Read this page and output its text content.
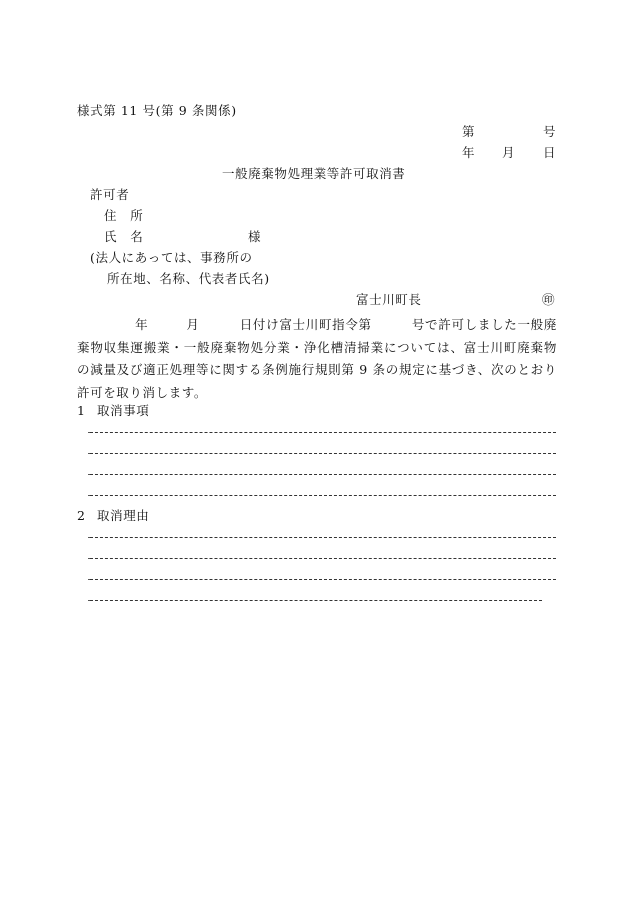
様式第 11 号(第 9 条関係)
第	号
年 月 日
一般廃棄物処理業等許可取消書
許可者
住　所
氏　名	様
(法人にあっては、事務所の
所在地、名称、代表者氏名)
富士川町長	㊞
年	月	日付け富士川町指令第	号で許可しました一般廃棄物収集運搬業・一般廃棄物処分業・浄化槽清掃業については、富士川町廃棄物の減量及び適正処理等に関する条例施行規則第 9 条の規定に基づき、次のとおり許可を取り消します。
1 取消事項
2 取消理由
